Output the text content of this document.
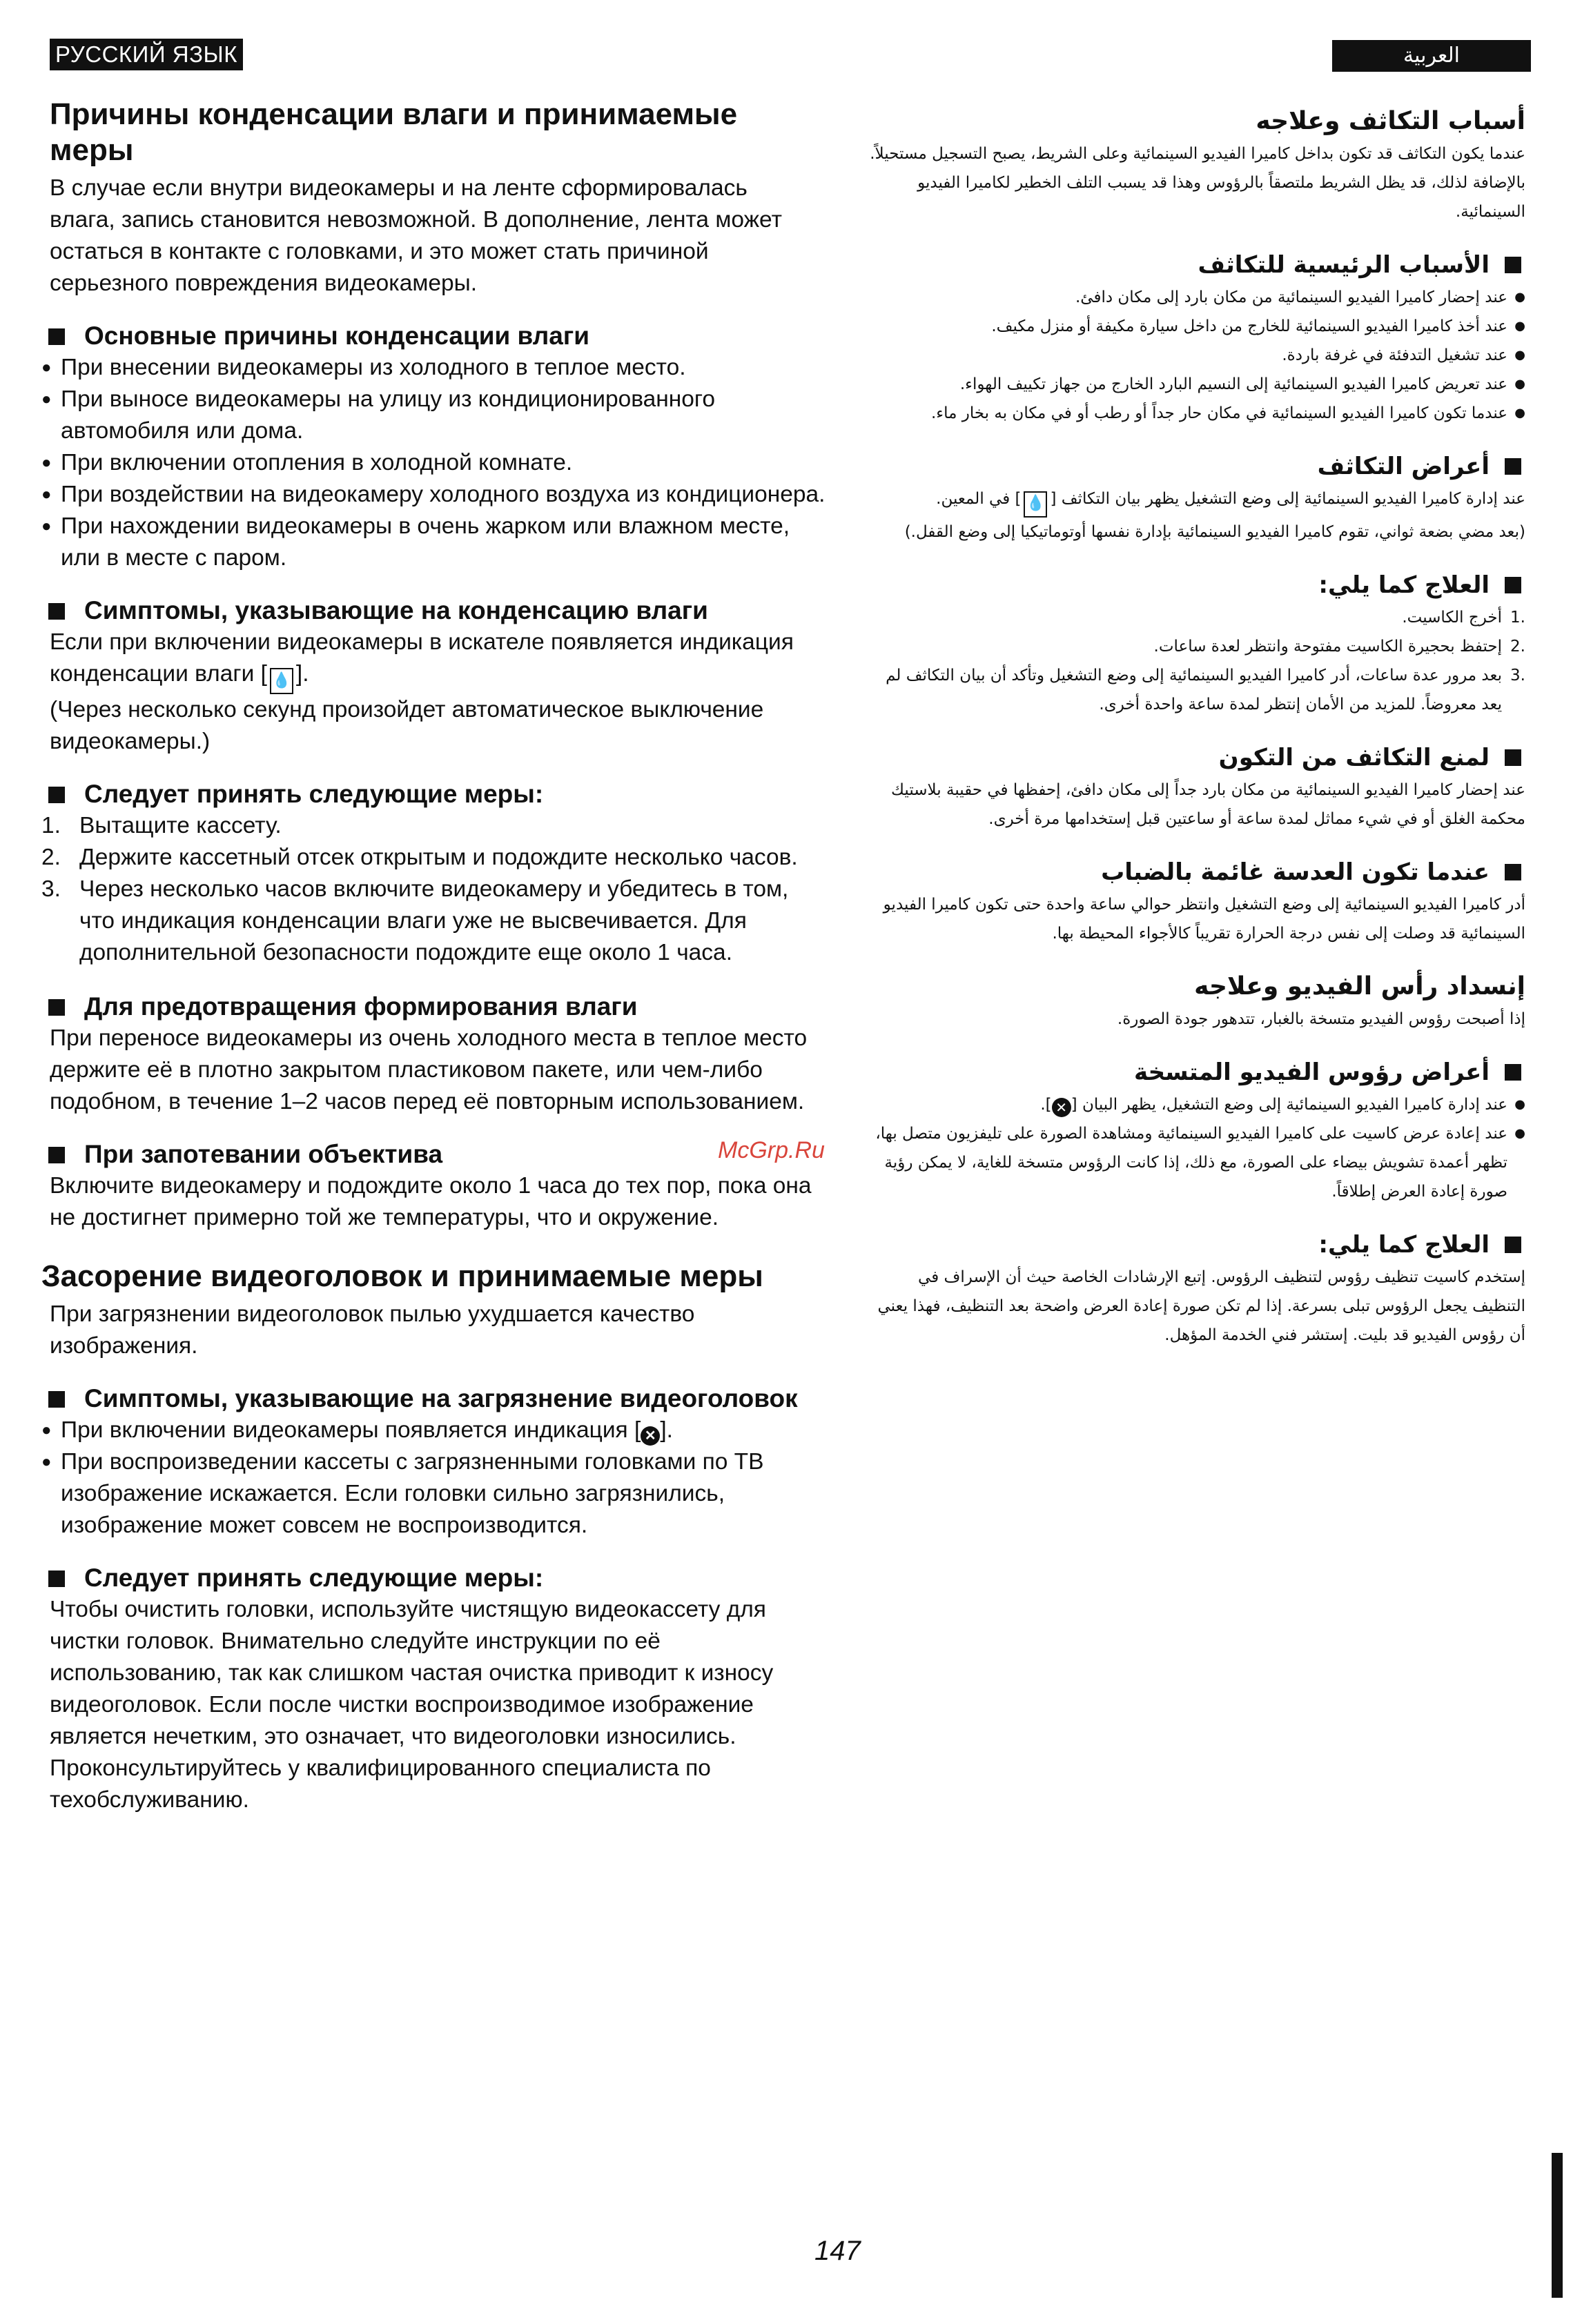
РУССКИЙ ЯЗЫК	العربية
Причины конденсации влаги и принимаемые меры

В случае если внутри видеокамеры и на ленте сформировалась влага, запись становится невозможной. В дополнение, лента может остаться в контакте с головками, и это может стать причиной серьезного повреждения видеокамеры.

Основные причины конденсации влаги
● При внесении видеокамеры из холодного в теплое место.
● При выносе видеокамеры на улицу из кондиционированного автомобиля или дома.
● При включении отопления в холодной комнате.
● При воздействии на видеокамеру холодного воздуха из кондиционера.
● При нахождении видеокамеры в очень жарком или влажном месте, или в месте с паром.
Симптомы, указывающие на конденсацию влаги

Если при включении видеокамеры в искателе появляется индикация конденсации влаги [ 💧 ].

(Через несколько секунд произойдет автоматическое выключение видеокамеры.)

Следует принять следующие меры:
1. Вытащите кассету.
2. Держите кассетный отсек открытым и подождите несколько часов.
3. Через несколько часов включите видеокамеру и убедитесь в том, что индикация конденсации влаги уже не высвечивается. Для дополнительной безопасности подождите еще около 1 часа.
Для предотвращения формирования влаги

При переносе видеокамеры из очень холодного места в теплое место держите её в плотно закрытом пластиковом пакете, или чем-либо подобном, в течение 1–2 часов перед её повторным использованием.

При запотевании объектива

Включите видеокамеру и подождите около 1 часа до тех пор, пока она не достигнет примерно той же температуры, что и окружение.

Засорение видеоголовок и принимаемые меры

При загрязнении видеоголовок пылью ухудшается качество изображения.

Симптомы, указывающие на загрязнение видеоголовок
● При включении видеокамеры появляется индикация [ ✕ ].
● При воспроизведении кассеты с загрязненными головками по ТВ изображение искажается. Если головки сильно загрязнились, изображение может совсем не воспроизводится.
Следует принять следующие меры:

Чтобы очистить головки, используйте чистящую видеокассету для чистки головок. Внимательно следуйте инструкции по её использованию, так как слишком частая очистка приводит к износу видеоголовок. Если после чистки воспроизводимое изображение является нечетким, это означает, что видеоголовки износились. Проконсультируйтесь у квалифицированного специалиста по техобслуживанию.

أسباب التكاثف وعلاجه

عندما يكون التكاثف قد تكون بداخل كاميرا الفيديو السينمائية وعلى الشريط، يصبح التسجيل مستحيلاً. بالإضافة لذلك، قد يظل الشريط ملتصقاً بالرؤوس وهذا قد يسبب التلف الخطير لكاميرا الفيديو السينمائية.

الأسباب الرئيسية للتكاثف
● عند إحضار كاميرا الفيديو السينمائية من مكان بارد إلى مكان دافئ.
● عند أخذ كاميرا الفيديو السينمائية للخارج من داخل سيارة مكيفة أو منزل مكيف.
● عند تشغيل التدفئة في غرفة باردة.
● عند تعريض كاميرا الفيديو السينمائية إلى النسيم البارد الخارج من جهاز تكييف الهواء.
● عندما تكون كاميرا الفيديو السينمائية في مكان حار جداً أو رطب أو في مكان به بخار ماء.
أعراض التكاثف

عند إدارة كاميرا الفيديو السينمائية إلى وضع التشغيل يظهر بيان التكاثف [💧] في المعين.

(بعد مضي بضعة ثواني، تقوم كاميرا الفيديو السينمائية بإدارة نفسها أوتوماتيكيا إلى وضع القفل.)

العلاج كما يلي:
1.
أخرج الكاسيت.
2.
إحتفظ بحجيرة الكاسيت مفتوحة وانتظر لعدة ساعات.
3.
بعد مرور عدة ساعات، أدر كاميرا الفيديو السينمائية إلى وضع التشغيل وتأكد أن بيان التكاثف لم يعد معروضاً. للمزيد من الأمان إنتظر لمدة ساعة واحدة أخرى.
لمنع التكاثف من التكون

عند إحضار كاميرا الفيديو السينمائية من مكان بارد جداً إلى مكان دافئ، إحفظها في حقيبة بلاستيك محكمة الغلق أو في شيء مماثل لمدة ساعة أو ساعتين قبل إستخدامها مرة أخرى.

عندما تكون العدسة غائمة بالضباب

أدر كاميرا الفيديو السينمائية إلى وضع التشغيل وانتظر حوالي ساعة واحدة حتى تكون كاميرا الفيديو السينمائية قد وصلت إلى نفس درجة الحرارة تقريباً كالأجواء المحيطة بها.

إنسداد رأس الفيديو وعلاجه

إذا أصبحت رؤوس الفيديو متسخة بالغبار، تتدهور جودة الصورة.

أعراض رؤوس الفيديو المتسخة
● عند إدارة كاميرا الفيديو السينمائية إلى وضع التشغيل، يظهر البيان [✕].
● عند إعادة عرض كاسيت على كاميرا الفيديو السينمائية ومشاهدة الصورة على تليفزيون متصل بها، تظهر أعمدة تشويش بيضاء على الصورة، مع ذلك، إذا كانت الرؤوس متسخة للغاية، لا يمكن رؤية صورة إعادة العرض إطلاقاً.
العلاج كما يلي:

إستخدم كاسيت تنظيف رؤوس لتنظيف الرؤوس. إتبع الإرشادات الخاصة حيث أن الإسراف في التنظيف يجعل الرؤوس تبلى بسرعة. إذا لم تكن صورة إعادة العرض واضحة بعد التنظيف، فهذا يعني أن رؤوس الفيديو قد بليت. إستشر فني الخدمة المؤهل.

McGrp.Ru
147
